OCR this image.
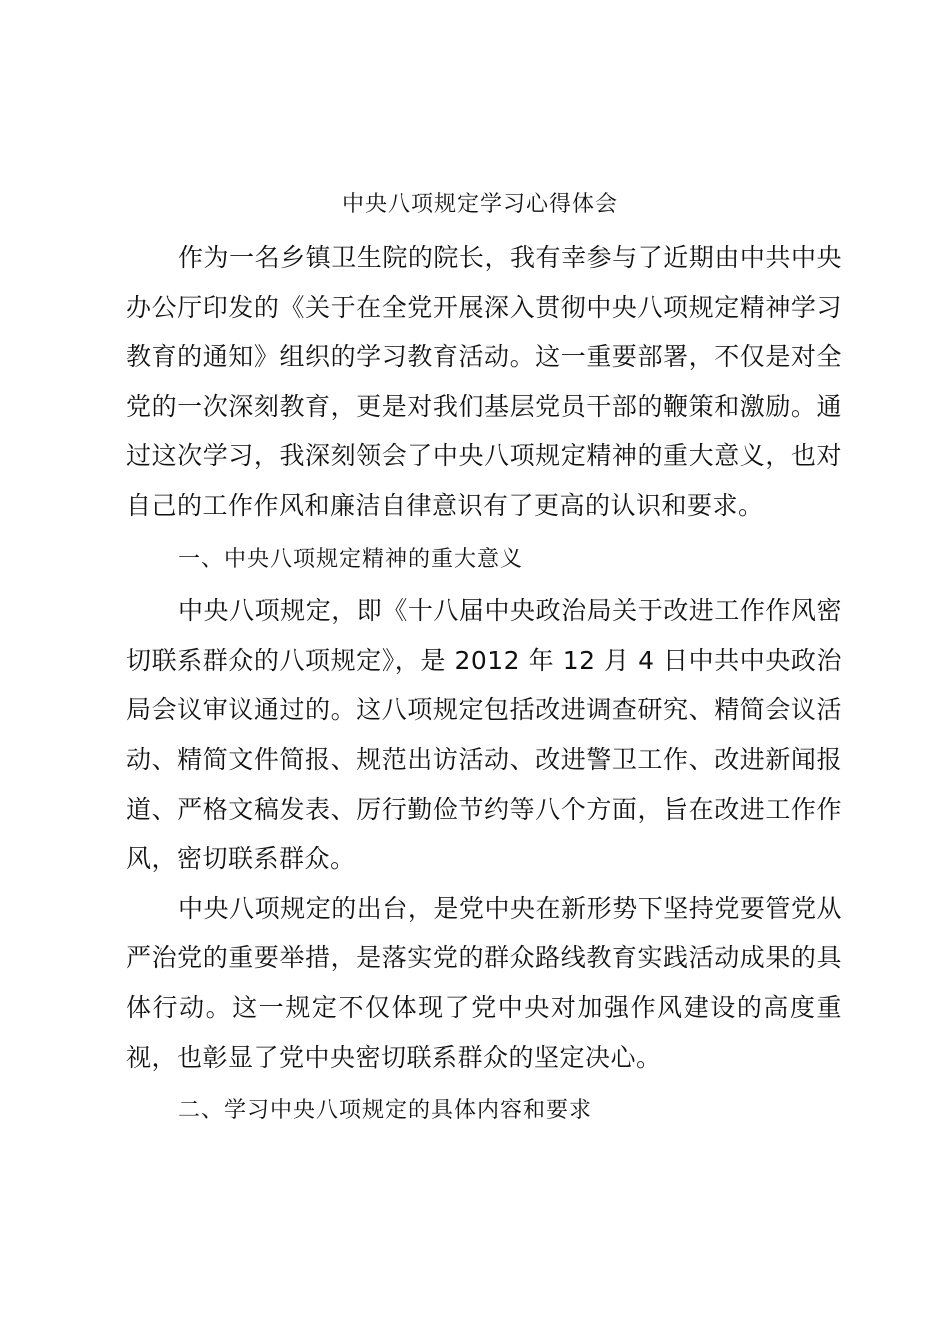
中央八项规定学习心得体会

作为一名乡镇卫生院的院长，我有幸参与了近期由中共中央办公厅印发的《关于在全党开展深入贯彻中央八项规定精神学习教育的通知》组织的学习教育活动。这一重要部署，不仅是对全党的一次深刻教育，更是对我们基层党员干部的鞭策和激励。通过这次学习，我深刻领会了中央八项规定精神的重大意义，也对自己的工作作风和廉洁自律意识有了更高的认识和要求。

一、中央八项规定精神的重大意义

中央八项规定，即《十八届中央政治局关于改进工作作风密切联系群众的八项规定》，是 2012 年 12 月 4 日中共中央政治局会议审议通过的。这八项规定包括改进调查研究、精简会议活动、精简文件简报、规范出访活动、改进警卫工作、改进新闻报道、严格文稿发表、厉行勤俭节约等八个方面，旨在改进工作作风，密切联系群众。

中央八项规定的出台，是党中央在新形势下坚持党要管党从严治党的重要举措，是落实党的群众路线教育实践活动成果的具体行动。这一规定不仅体现了党中央对加强作风建设的高度重视，也彰显了党中央密切联系群众的坚定决心。

二、学习中央八项规定的具体内容和要求
